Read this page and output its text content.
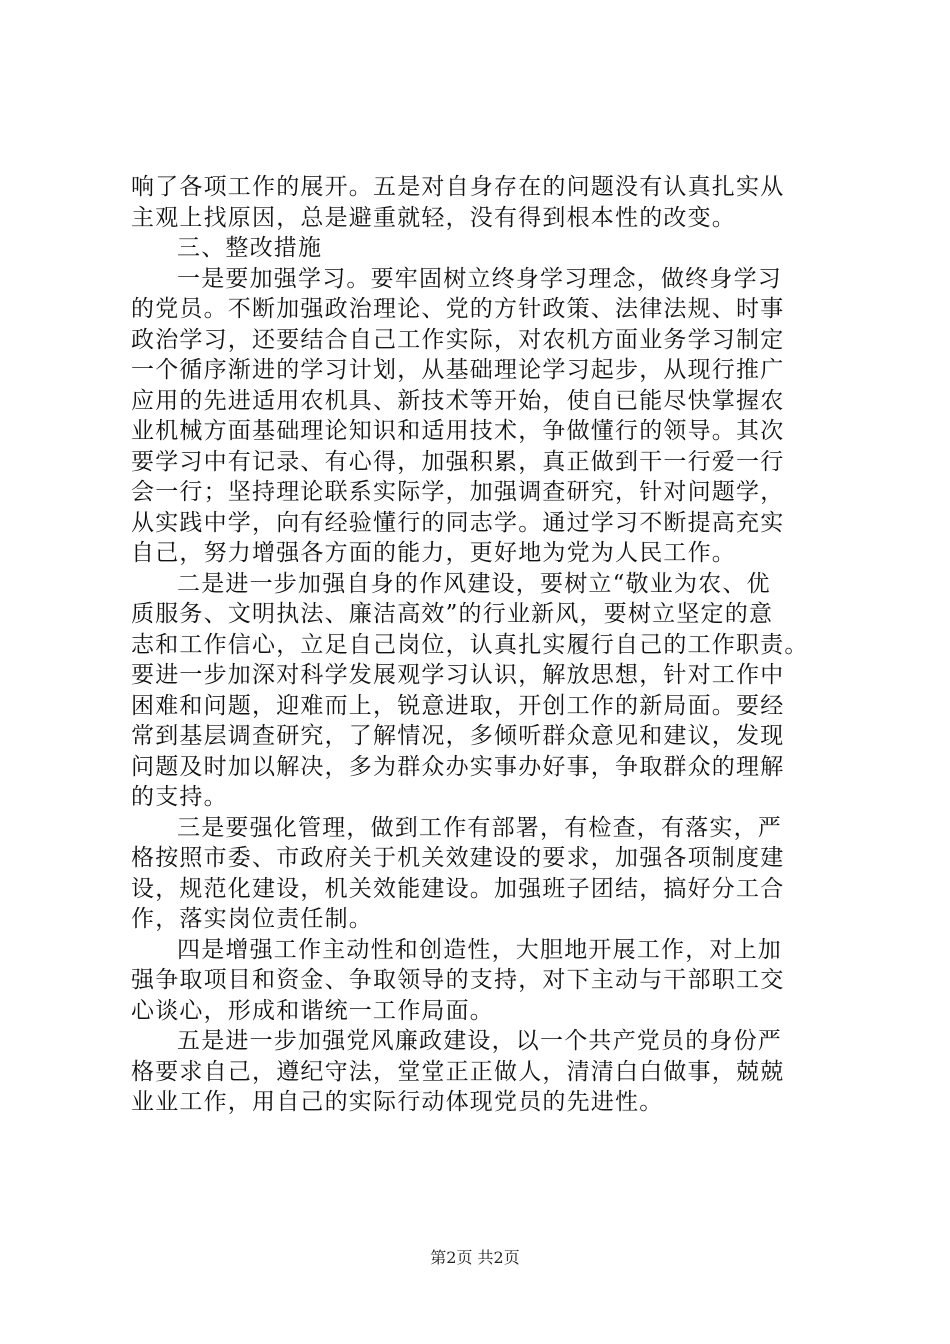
响了各项工作的展开。五是对自身存在的问题没有认真扎实从
主观上找原因，总是避重就轻，没有得到根本性的改变。
三、整改措施
一是要加强学习。要牢固树立终身学习理念，做终身学习
的党员。不断加强政治理论、党的方针政策、法律法规、时事
政治学习，还要结合自己工作实际，对农机方面业务学习制定
一个循序渐进的学习计划，从基础理论学习起步，从现行推广
应用的先进适用农机具、新技术等开始，使自已能尽快掌握农
业机械方面基础理论知识和适用技术，争做懂行的领导。其次
要学习中有记录、有心得，加强积累，真正做到干一行爱一行
会一行；坚持理论联系实际学，加强调查研究，针对问题学，
从实践中学，向有经验懂行的同志学。通过学习不断提高充实
自己，努力增强各方面的能力，更好地为党为人民工作。
二是进一步加强自身的作风建设，要树立“敬业为农、优
质服务、文明执法、廉洁高效”的行业新风，要树立坚定的意
志和工作信心，立足自己岗位，认真扎实履行自己的工作职责。
要进一步加深对科学发展观学习认识，解放思想，针对工作中
困难和问题，迎难而上，锐意进取，开创工作的新局面。要经
常到基层调查研究，了解情况，多倾听群众意见和建议，发现
问题及时加以解决，多为群众办实事办好事，争取群众的理解
的支持。
三是要强化管理，做到工作有部署，有检查，有落实，严
格按照市委、市政府关于机关效建设的要求，加强各项制度建
设，规范化建设，机关效能建设。加强班子团结，搞好分工合
作，落实岗位责任制。
四是增强工作主动性和创造性，大胆地开展工作，对上加
强争取项目和资金、争取领导的支持，对下主动与干部职工交
心谈心，形成和谐统一工作局面。
五是进一步加强党风廉政建设，以一个共产党员的身份严
格要求自己，遵纪守法，堂堂正正做人，清清白白做事，兢兢
业业工作，用自己的实际行动体现党员的先进性。
第2页 共2页
